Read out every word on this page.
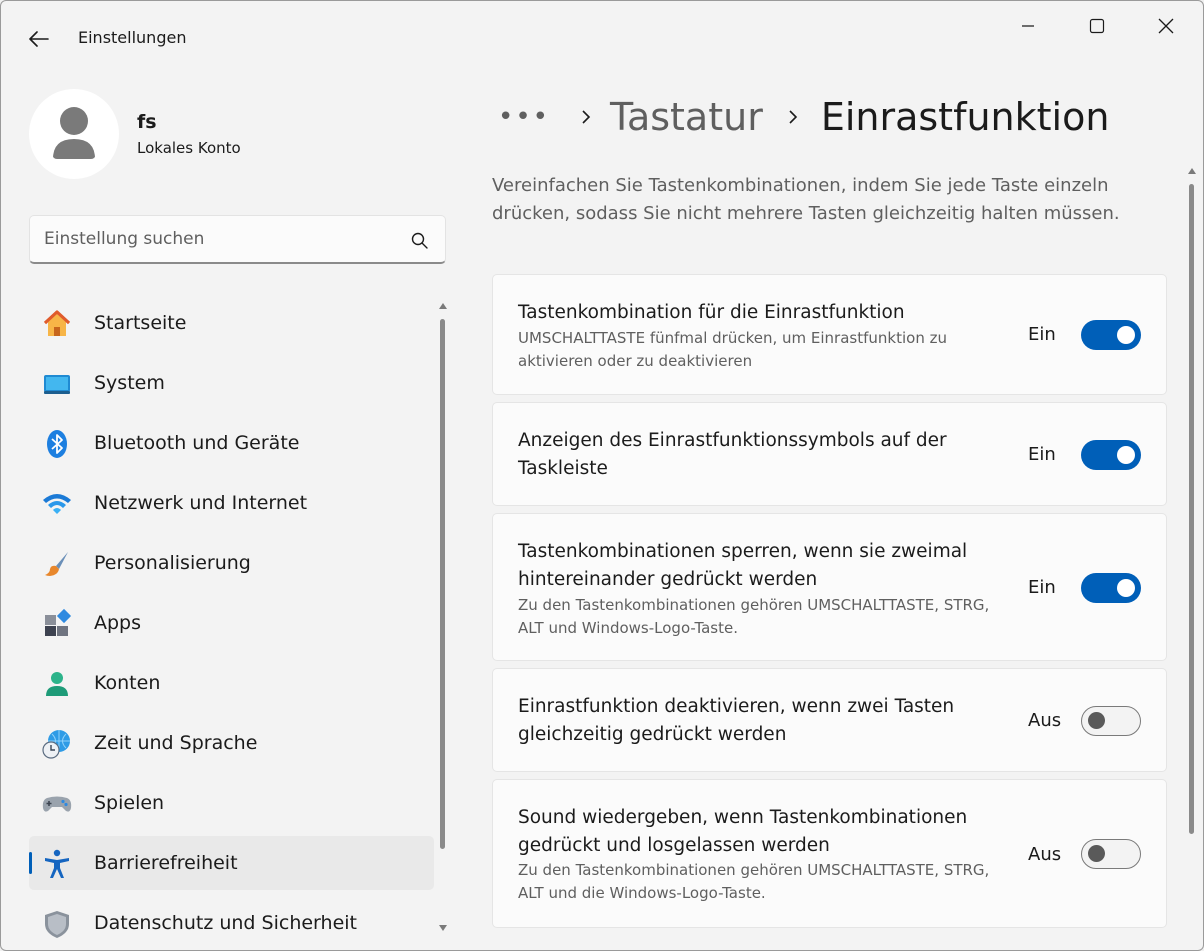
Einstellungen
fs
Lokales Konto
Einstellung suchen
Startseite
System
Bluetooth und Geräte
Netzwerk und Internet
Personalisierung
Apps
Konten
Zeit und Sprache
Spielen
Barrierefreiheit
Datenschutz und Sicherheit
••• Tastatur Einrastfunktion
Vereinfachen Sie Tastenkombinationen, indem Sie jede Taste einzeln drücken, sodass Sie nicht mehrere Tasten gleichzeitig halten müssen.
Tastenkombination für die Einrastfunktion
UMSCHALTTASTE fünfmal drücken, um Einrastfunktion zu aktivieren oder zu deaktivieren
Ein
Anzeigen des Einrastfunktionssymbols auf der Taskleiste
Ein
Tastenkombinationen sperren, wenn sie zweimal hintereinander gedrückt werden
Zu den Tastenkombinationen gehören UMSCHALTTASTE, STRG, ALT und Windows-Logo-Taste.
Ein
Einrastfunktion deaktivieren, wenn zwei Tasten gleichzeitig gedrückt werden
Aus
Sound wiedergeben, wenn Tastenkombinationen gedrückt und losgelassen werden
Zu den Tastenkombinationen gehören UMSCHALTTASTE, STRG, ALT und die Windows-Logo-Taste.
Aus
